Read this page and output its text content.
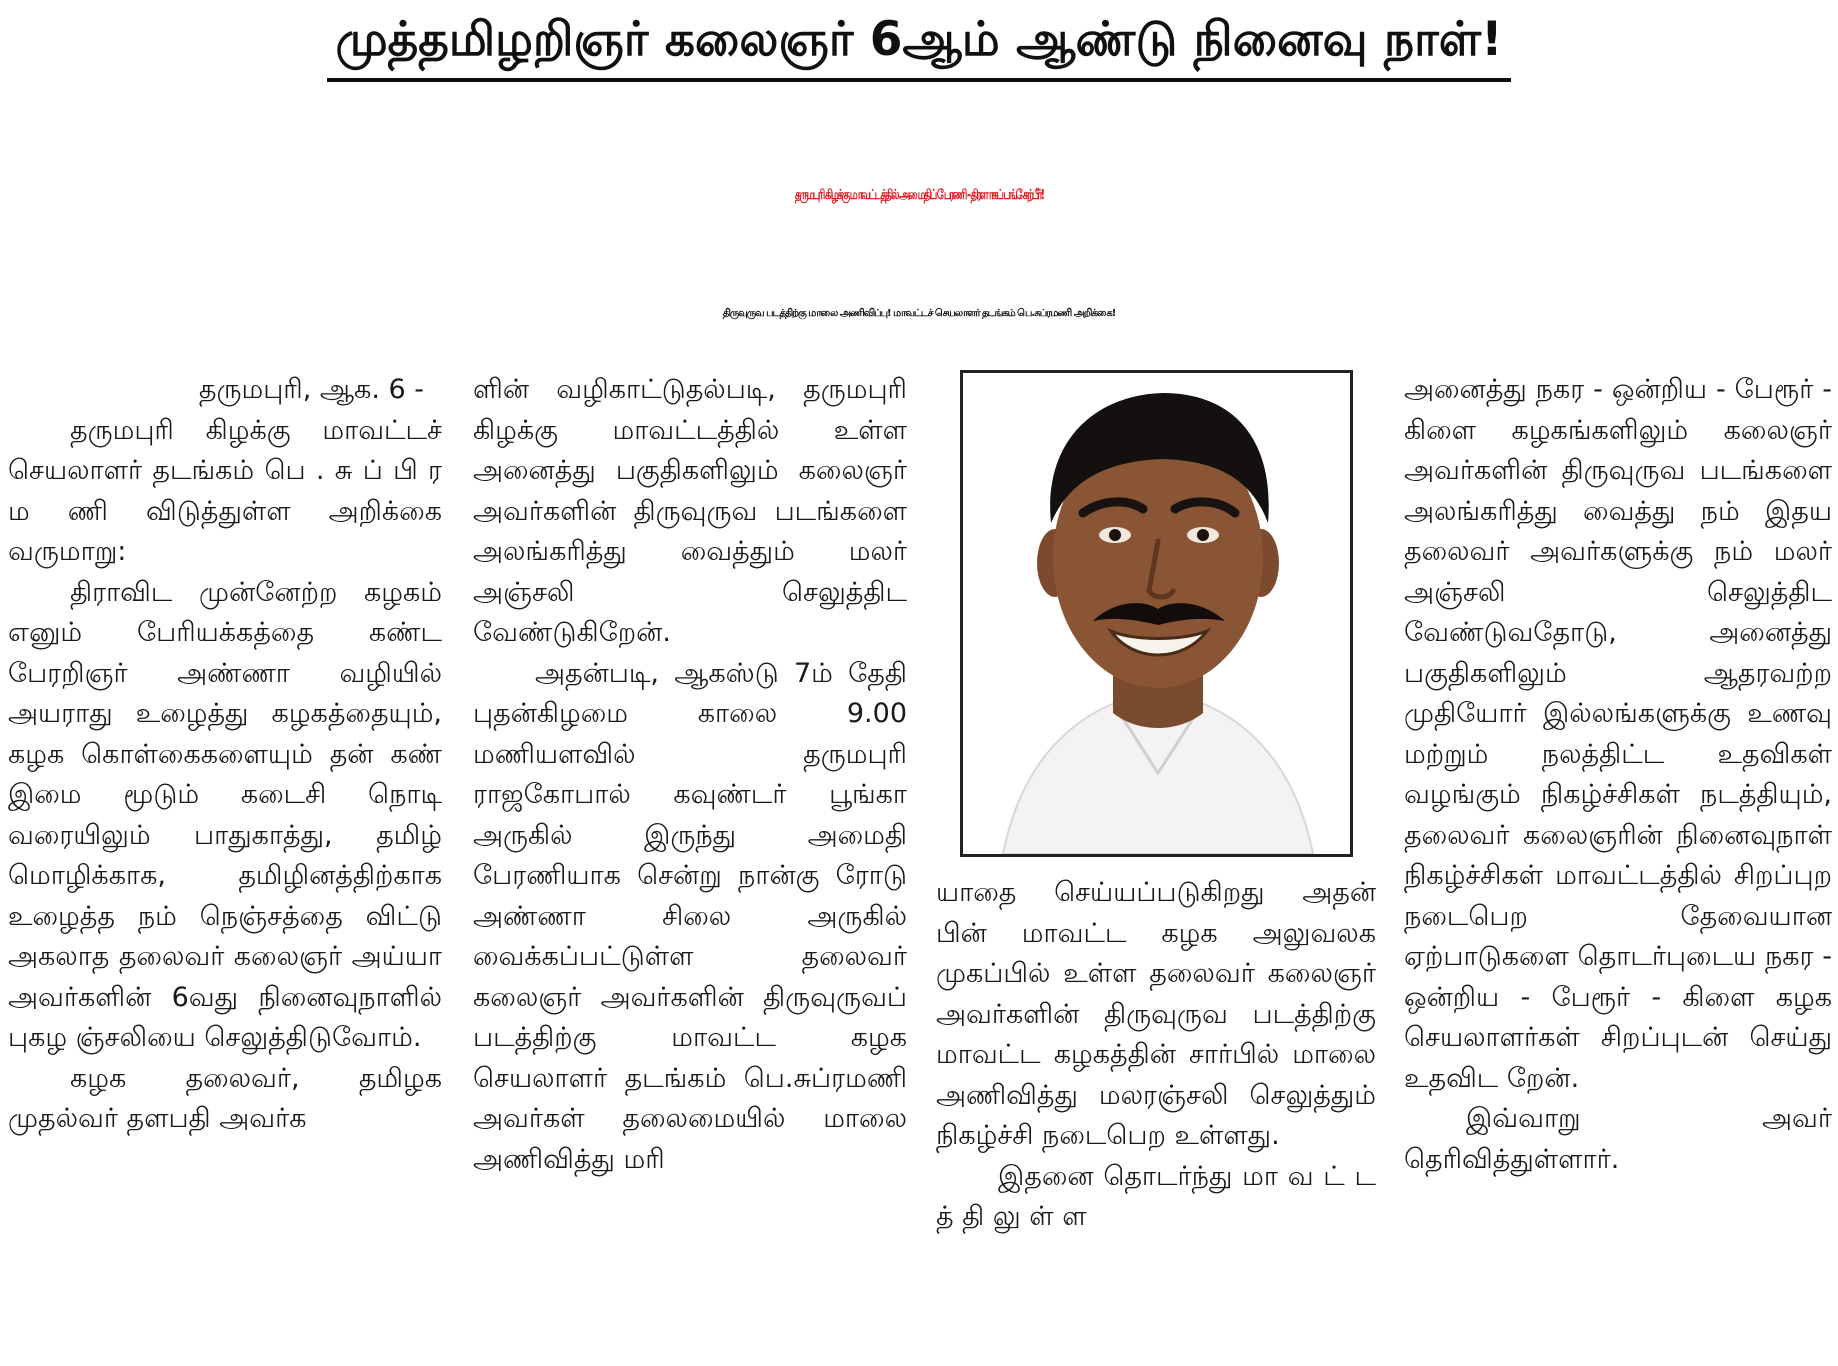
முத்தமிழறிஞர் கலைஞர் 6ஆம் ஆண்டு நினைவு நாள்!
தருமபுரி கிழக்கு மாவட்டத்தில் அமைதிப் பேரணி - திரளாகப் பங்கேற்பீர்!
திருவுருவ படத்திற்கு மாலை அணிவிப்பு! மாவட்டச் செயலாளர் தடங்கம் பெ.சுப்ரமணி அறிக்கை!

தருமபுரி, ஆக. 6 -

தருமபுரி கிழக்கு மாவட்டச் செயலாளர் தடங்கம் பெ . சு ப் பி ர ம ணி விடுத்துள்ள அறிக்கை வருமாறு:

திராவிட முன்னேற்ற கழகம் எனும் பேரியக்கத்தை கண்ட பேரறிஞர் அண்ணா வழியில் அயராது உழைத்து கழகத்தையும், கழக கொள்கைகளையும் தன் கண் இமை மூடும் கடைசி நொடி வரையிலும் பாதுகாத்து, தமிழ் மொழிக்காக, தமிழினத்திற்காக உழைத்த நம் நெஞ்சத்தை விட்டு அகலாத தலைவர் கலைஞர் அய்யா அவர்களின் 6வது நினைவுநாளில் புகழ ஞ்சலியை செலுத்திடுவோம்.

கழக தலைவர், தமிழக முதல்வர் தளபதி அவர்க

ளின் வழிகாட்டுதல்படி, தருமபுரி கிழக்கு மாவட்டத்தில் உள்ள அனைத்து பகுதிகளிலும் கலைஞர் அவர்களின் திருவுருவ படங்களை அலங்கரித்து வைத்தும் மலர் அஞ்சலி செலுத்திட வேண்டுகிறேன்.

அதன்படி, ஆகஸ்டு 7ம் தேதி புதன்கிழமை காலை 9.00 மணியளவில் தருமபுரி ராஜகோபால் கவுண்டர் பூங்கா அருகில் இருந்து அமைதி பேரணியாக சென்று நான்கு ரோடு அண்ணா சிலை அருகில் வைக்கப்பட்டுள்ள தலைவர் கலைஞர் அவர்களின் திருவுருவப் படத்திற்கு மாவட்ட கழக செயலாளர் தடங்கம் பெ.சுப்ரமணி அவர்கள் தலைமையில் மாலை அணிவித்து மரி

யாதை செய்யப்படுகிறது அதன் பின் மாவட்ட கழக அலுவலக முகப்பில் உள்ள தலைவர் கலைஞர் அவர்களின் திருவுருவ படத்திற்கு மாவட்ட கழகத்தின் சார்பில் மாலை அணிவித்து மலரஞ்சலி செலுத்தும் நிகழ்ச்சி நடைபெற உள்ளது.

இதனை தொடர்ந்து மா வ ட் ட த் தி லு ள் ள

அனைத்து நகர - ஒன்றிய - பேரூர் - கிளை கழகங்களிலும் கலைஞர் அவர்களின் திருவுருவ படங்களை அலங்கரித்து வைத்து நம் இதய தலைவர் அவர்களுக்கு நம் மலர் அஞ்சலி செலுத்திட வேண்டுவதோடு, அனைத்து பகுதிகளிலும் ஆதரவற்ற முதியோர் இல்லங்களுக்கு உணவு மற்றும் நலத்திட்ட உதவிகள் வழங்கும் நிகழ்ச்சிகள் நடத்தியும், தலைவர் கலைஞரின் நினைவுநாள் நிகழ்ச்சிகள் மாவட்டத்தில் சிறப்புற நடைபெற தேவையான ஏற்பாடுகளை தொடர்புடைய நகர - ஒன்றிய - பேரூர் - கிளை கழக செயலாளர்கள் சிறப்புடன் செய்து உதவிட றேன்.

இவ்வாறு அவர் தெரிவித்துள்ளார்.
